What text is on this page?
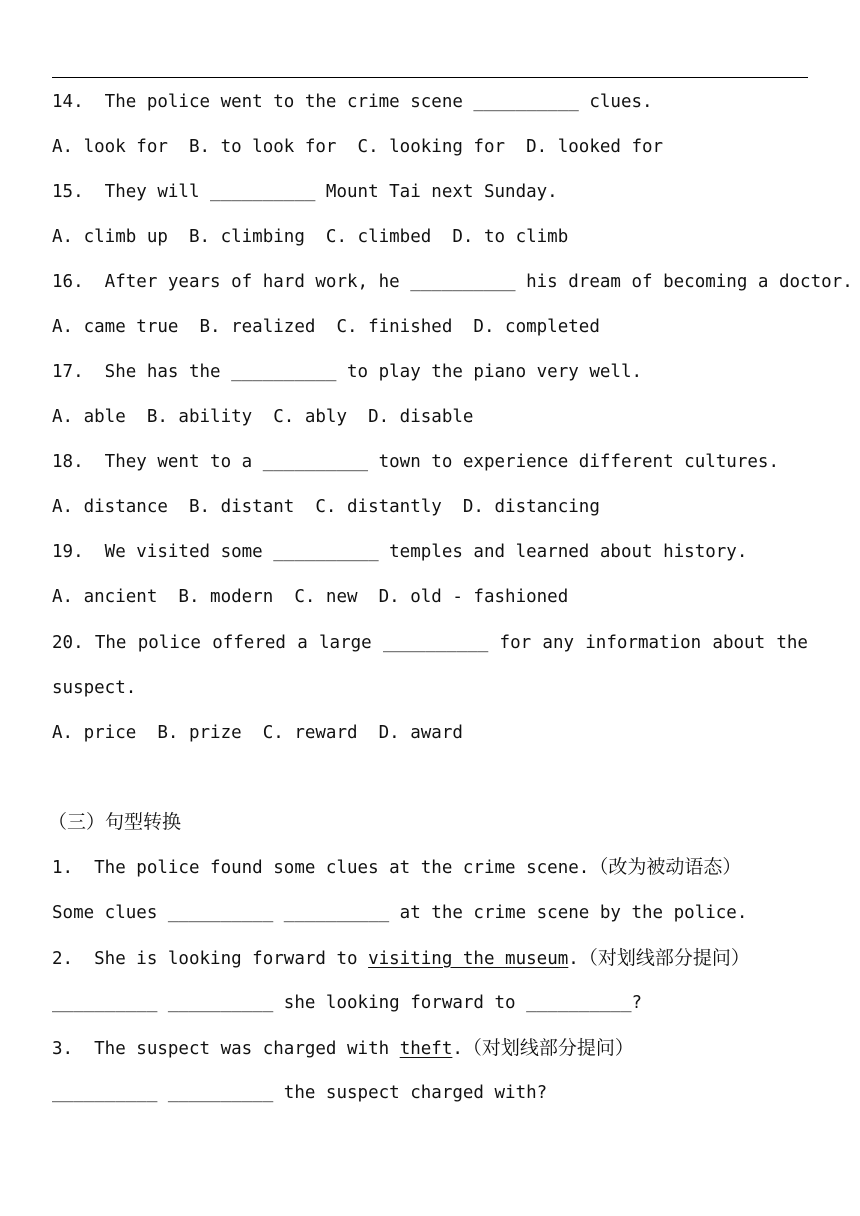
14.  The police went to the crime scene __________ clues.
A. look for  B. to look for  C. looking for  D. looked for
15.  They will __________ Mount Tai next Sunday.
A. climb up  B. climbing  C. climbed  D. to climb
16.  After years of hard work, he __________ his dream of becoming a doctor.
A. came true  B. realized  C. finished  D. completed
17.  She has the __________ to play the piano very well.
A. able  B. ability  C. ably  D. disable
18.  They went to a __________ town to experience different cultures.
A. distance  B. distant  C. distantly  D. distancing
19.  We visited some __________ temples and learned about history.
A. ancient  B. modern  C. new  D. old - fashioned
20. The police offered a large __________ for any information about the
suspect.
A. price  B. prize  C. reward  D. award
（三）句型转换
1.  The police found some clues at the crime scene.（改为被动语态）
Some clues __________ __________ at the crime scene by the police.
2.  She is looking forward to visiting the museum.（对划线部分提问）
__________ __________ she looking forward to __________?
3.  The suspect was charged with theft.（对划线部分提问）
__________ __________ the suspect charged with?
